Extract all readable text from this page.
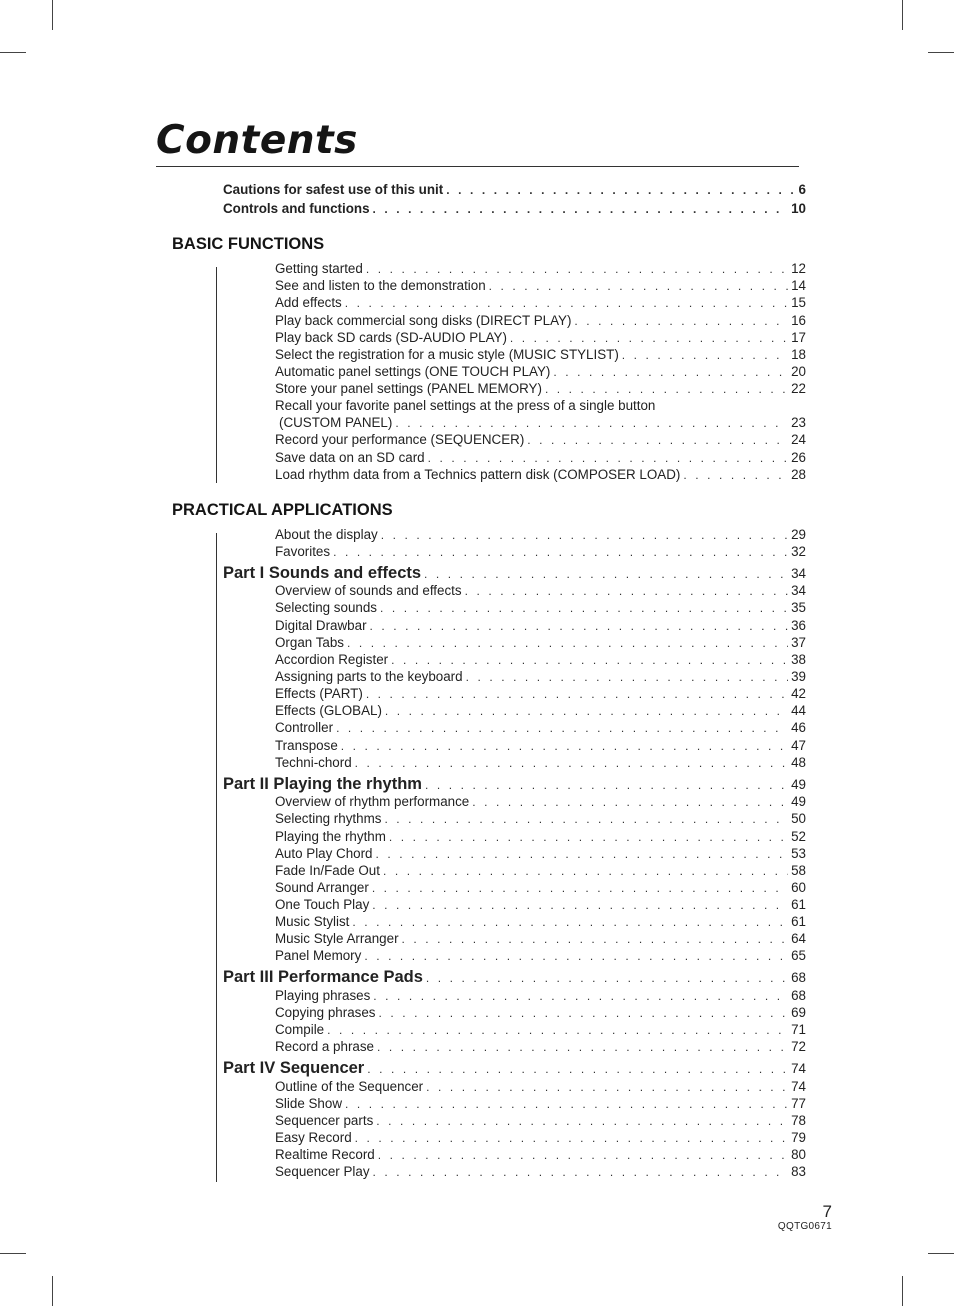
Contents
Cautions for safest use of this unit . . .	6
Controls and functions . . .	10
BASIC FUNCTIONS
Getting started . . .	12
See and listen to the demonstration . . .	14
Add effects . . .	15
Play back commercial song disks (DIRECT PLAY) . . .	16
Play back SD cards (SD-AUDIO PLAY) . . .	17
Select the registration for a music style (MUSIC STYLIST) . . .	18
Automatic panel settings (ONE TOUCH PLAY) . . .	20
Store your panel settings (PANEL MEMORY) . . .	22
Recall your favorite panel settings at the press of a single button
(CUSTOM PANEL) . . .	23
Record your performance (SEQUENCER) . . .	24
Save data on an SD card . . .	26
Load rhythm data from a Technics pattern disk (COMPOSER LOAD) . . .	28
PRACTICAL APPLICATIONS
About the display . . .	29
Favorites . . .	32
Part I Sounds and effects . . .	34
Overview of sounds and effects . . .	34
Selecting sounds . . .	35
Digital Drawbar . . .	36
Organ Tabs . . .	37
Accordion Register . . .	38
Assigning parts to the keyboard . . .	39
Effects (PART) . . .	42
Effects (GLOBAL) . . .	44
Controller . . .	46
Transpose . . .	47
Techni-chord . . .	48
Part II Playing the rhythm . . .	49
Overview of rhythm performance . . .	49
Selecting rhythms . . .	50
Playing the rhythm . . .	52
Auto Play Chord . . .	53
Fade In/Fade Out . . .	58
Sound Arranger . . .	60
One Touch Play . . .	61
Music Stylist . . .	61
Music Style Arranger . . .	64
Panel Memory . . .	65
Part III Performance Pads . . .	68
Playing phrases . . .	68
Copying phrases . . .	69
Compile . . .	71
Record a phrase . . .	72
Part IV Sequencer . . .	74
Outline of the Sequencer . . .	74
Slide Show . . .	77
Sequencer parts . . .	78
Easy Record . . .	79
Realtime Record . . .	80
Sequencer Play . . .	83
7
QQTG0671
